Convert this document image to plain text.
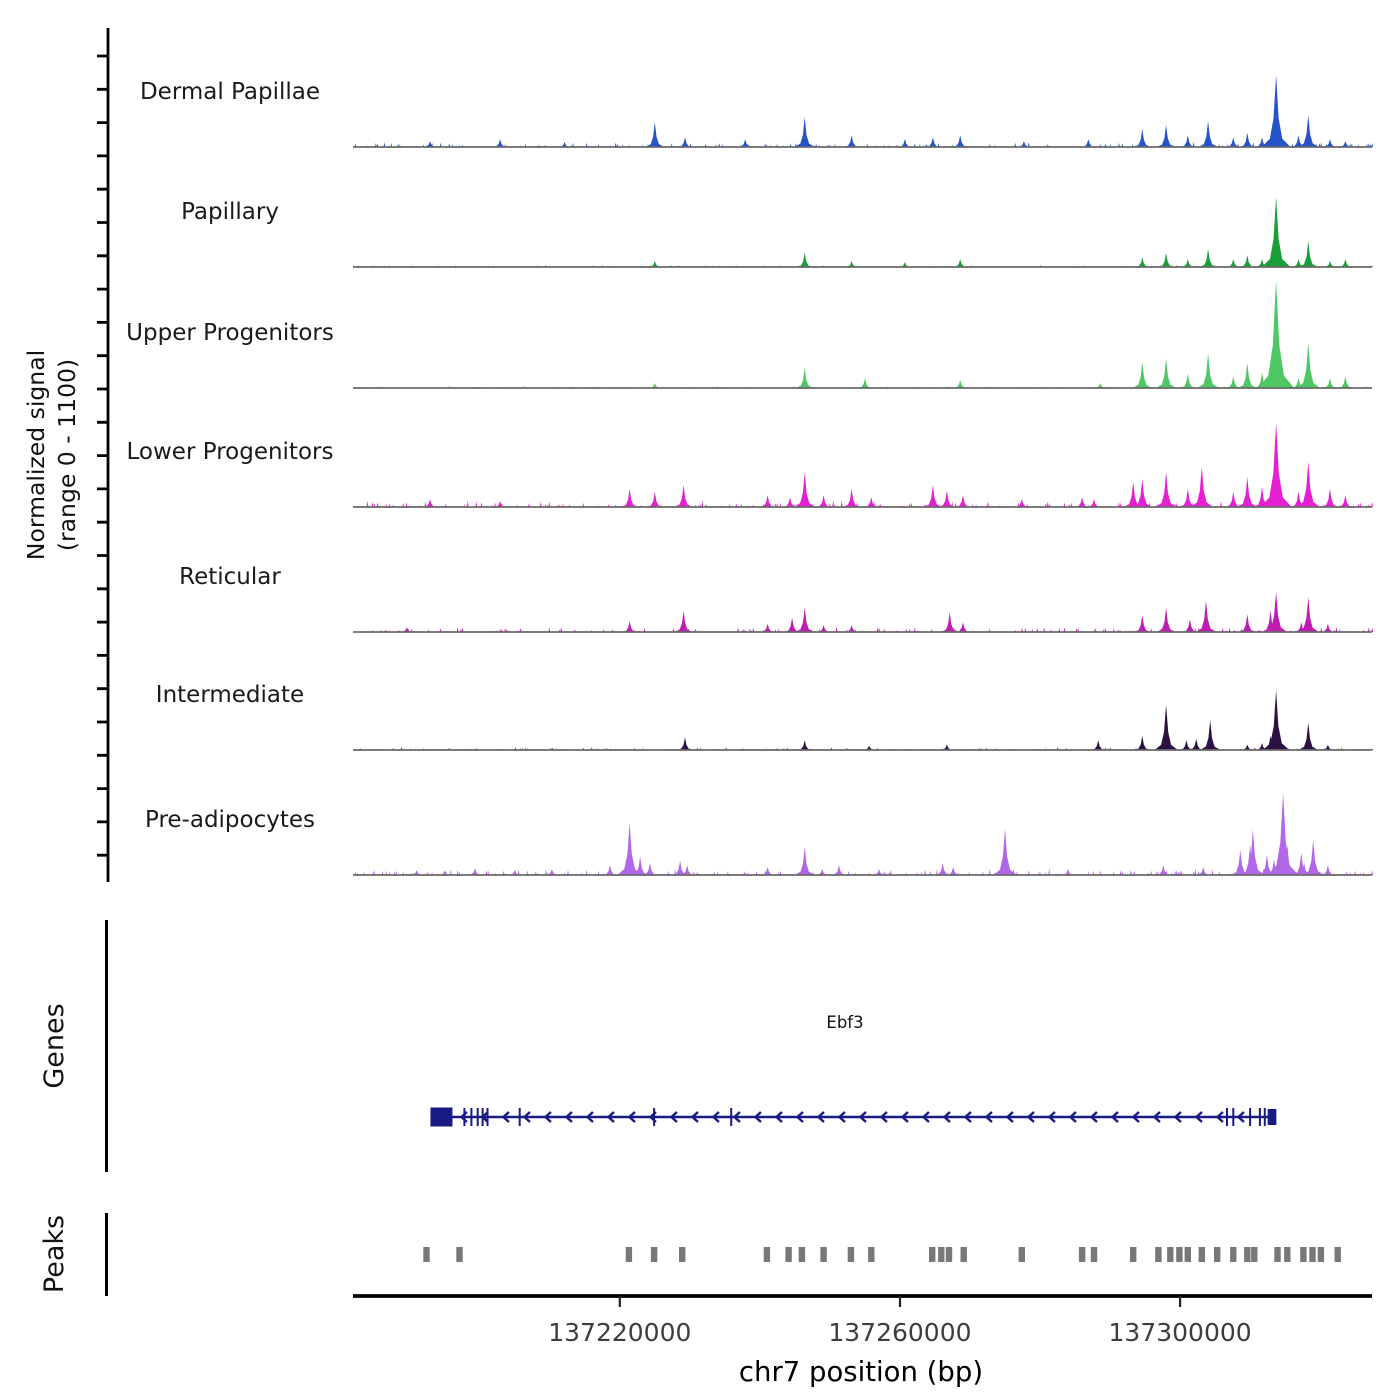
Normalized signal (range 0 - 1100)
Dermal Papillae
Papillary
Upper Progenitors
Lower Progenitors
Reticular
Intermediate
Pre-adipocytes
Genes
Peaks
Ebf3
chr7 position (bp)
137220000	137260000	137300000
